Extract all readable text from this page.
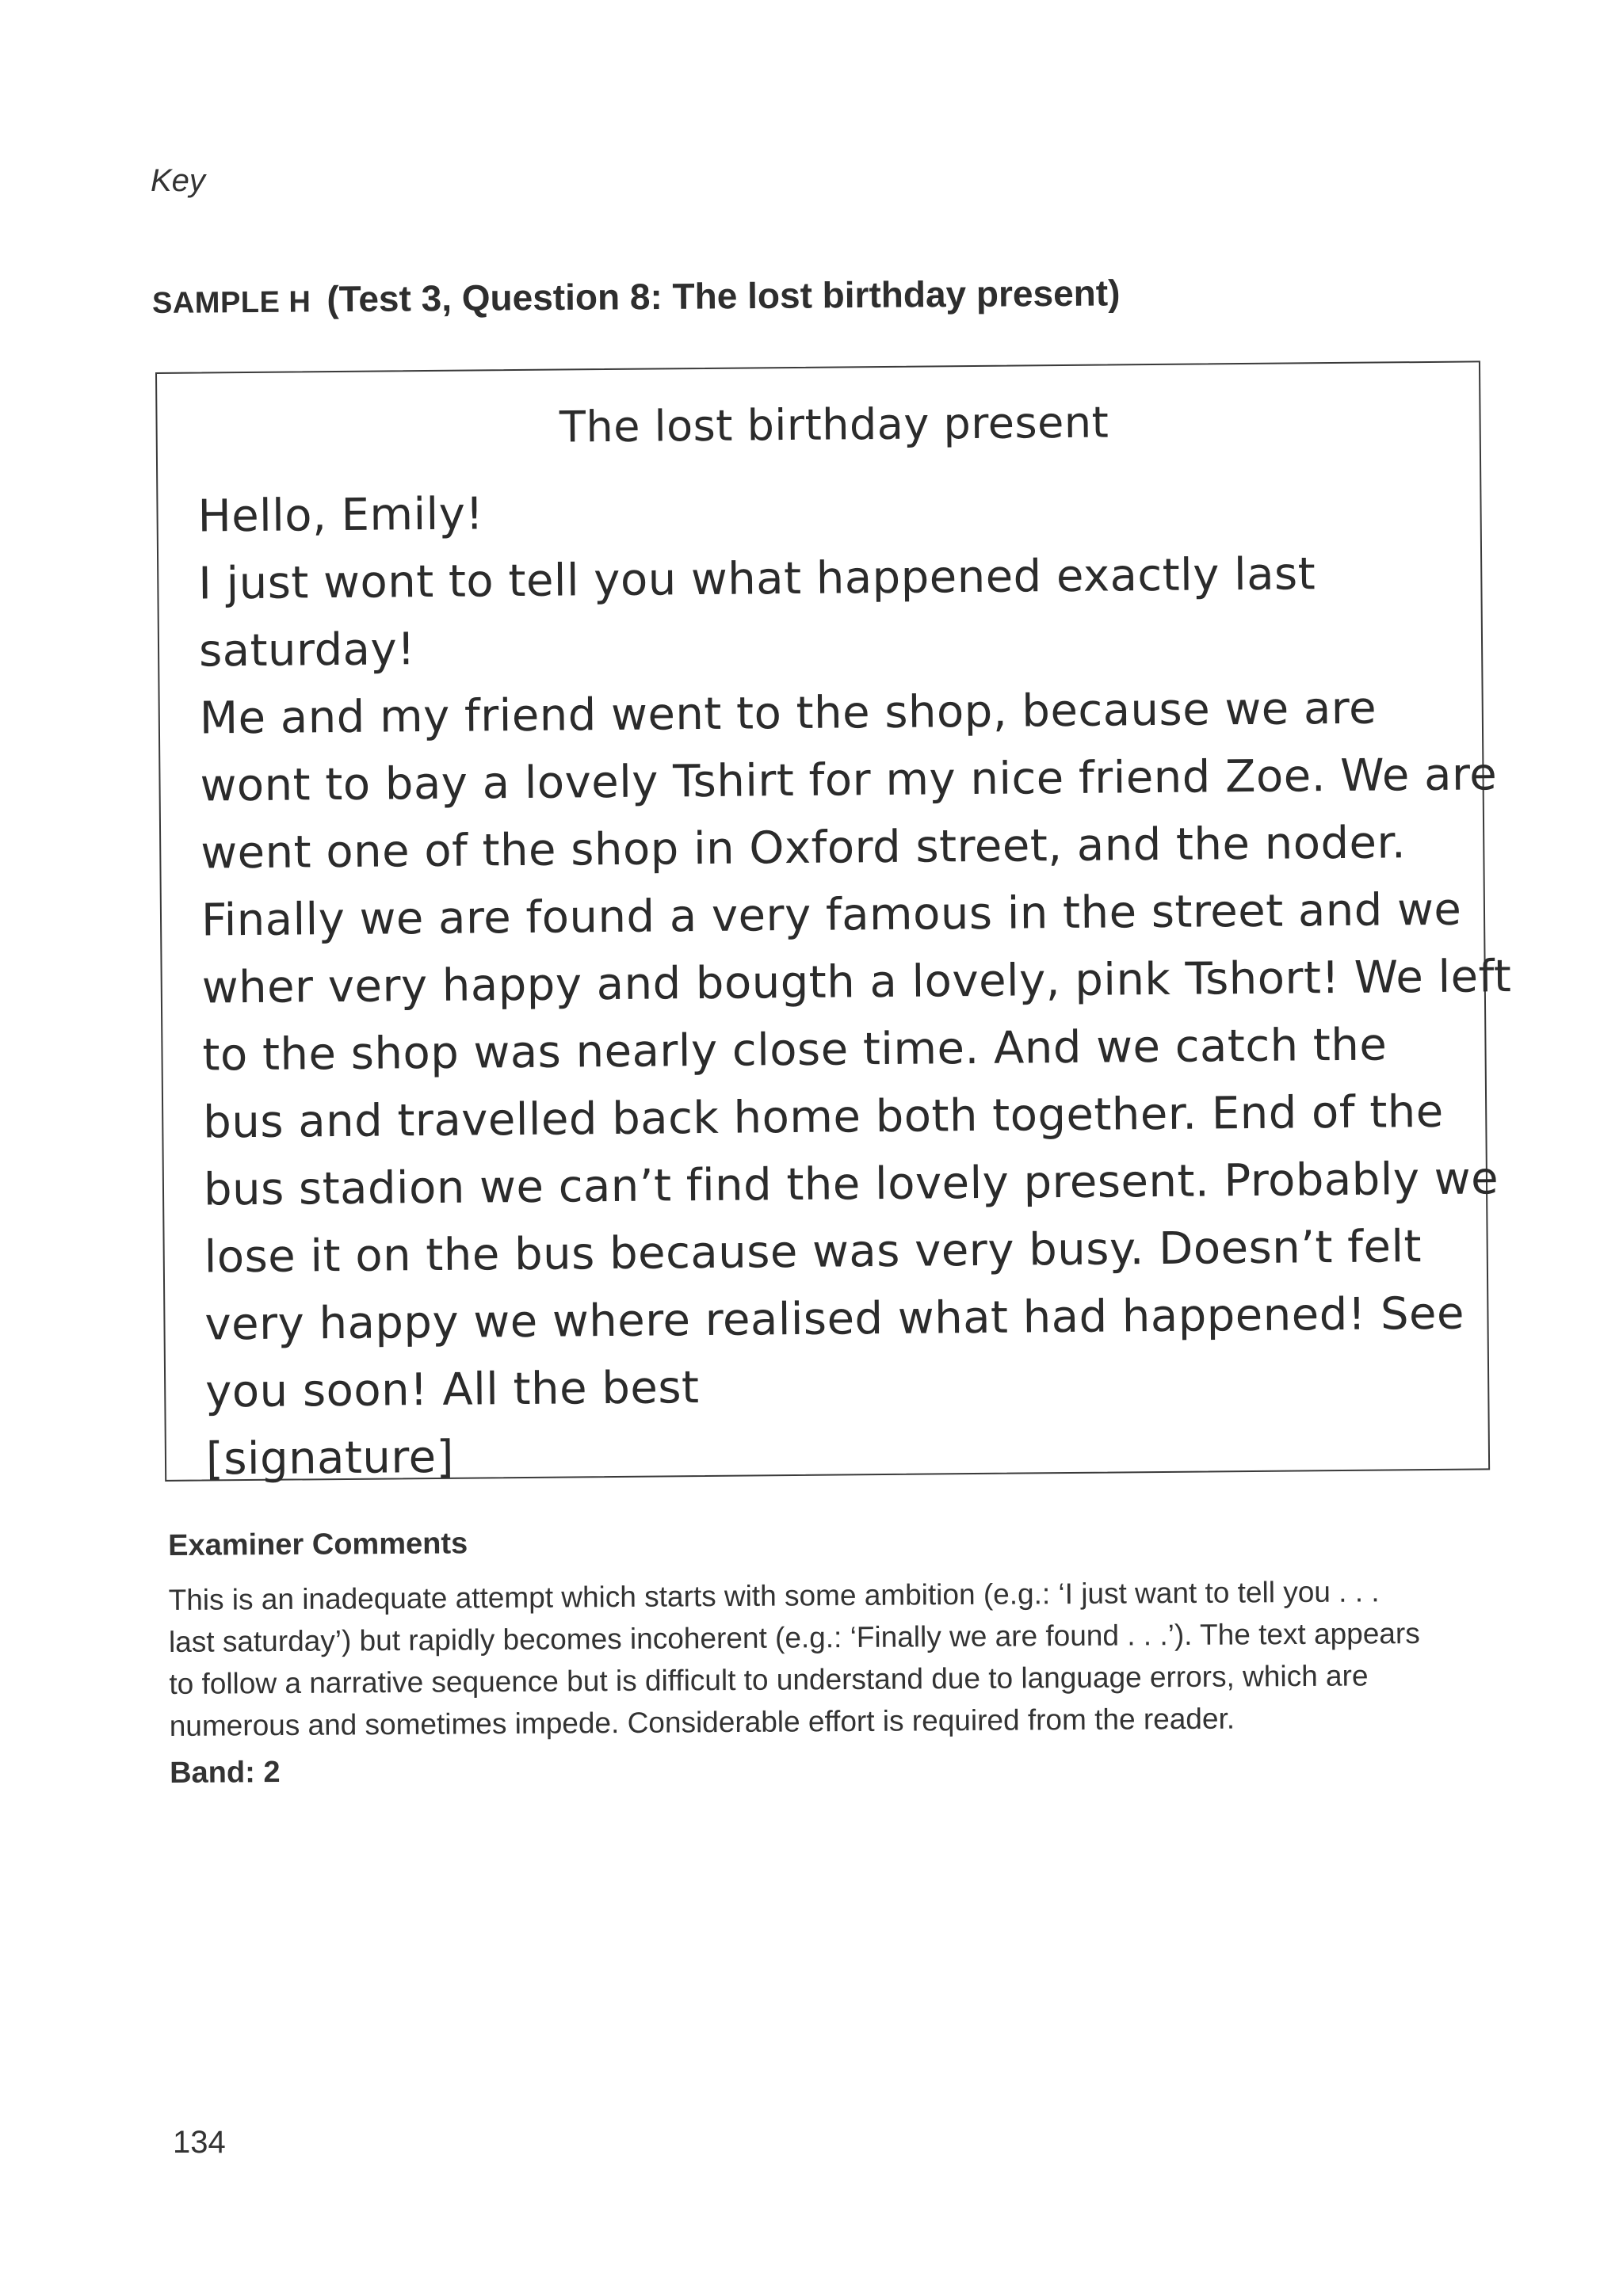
Key
SAMPLE H (Test 3, Question 8: The lost birthday present)
The lost birthday present
Hello, Emily!
I just wont to tell you what happened exactly last
saturday!
Me and my friend went to the shop, because we are
wont to bay a lovely Tshirt for my nice friend Zoe. We are
went one of the shop in Oxford street, and the noder.
Finally we are found a very famous in the street and we
wher very happy and bougth a lovely, pink Tshort! We left
to the shop was nearly close time. And we catch the
bus and travelled back home both together. End of the
bus stadion we can’t find the lovely present. Probably we
lose it on the bus because was very busy. Doesn’t felt
very happy we where realised what had happened! See
you soon! All the best
[signature]
Examiner Comments
This is an inadequate attempt which starts with some ambition (e.g.: ‘I just want to tell you . . .
last saturday’) but rapidly becomes incoherent (e.g.: ‘Finally we are found . . .’). The text appears
to follow a narrative sequence but is difficult to understand due to language errors, which are
numerous and sometimes impede. Considerable effort is required from the reader.
Band: 2
134
